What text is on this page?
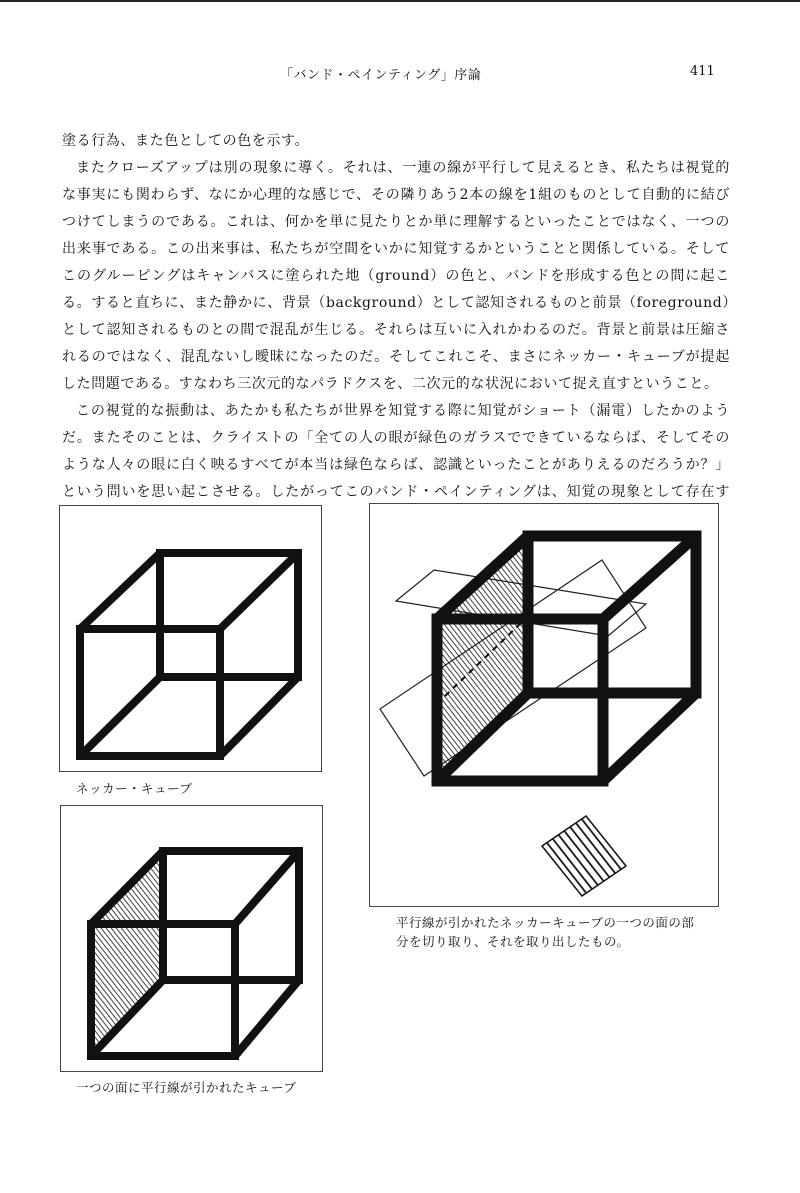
「バンド・ペインティング」序論	411

塗る行為、また色としての色を示す。

またクローズアップは別の現象に導く。それは、一連の線が平行して見えるとき、私たちは視覚的な事実にも関わらず、なにか心理的な感じで、その隣りあう2本の線を1組のものとして自動的に結びつけてしまうのである。これは、何かを単に見たりとか単に理解するといったことではなく、一つの出来事である。この出来事は、私たちが空間をいかに知覚するかということと関係している。そしてこのグルーピングはキャンバスに塗られた地（ground）の色と、バンドを形成する色との間に起こる。すると直ちに、また静かに、背景（background）として認知されるものと前景（foreground）として認知されるものとの間で混乱が生じる。それらは互いに入れかわるのだ。背景と前景は圧縮されるのではなく、混乱ないし曖昧になったのだ。そしてこれこそ、まさにネッカー・キューブが提起した問題である。すなわち三次元的なパラドクスを、二次元的な状況において捉え直すということ。

この視覚的な振動は、あたかも私たちが世界を知覚する際に知覚がショート（漏電）したかのようだ。またそのことは、クライストの「全ての人の眼が緑色のガラスでできているならば、そしてそのような人々の眼に白く映るすべてが本当は緑色ならば、認識といったことがありえるのだろうか？」という問いを思い起こさせる。したがってこのバンド・ペインティングは、知覚の現象として存在す

ネッカー・キューブ
一つの面に平行線が引かれたキューブ
平行線が引かれたネッカーキューブの一つの面の部分を切り取り、それを取り出したもの。
